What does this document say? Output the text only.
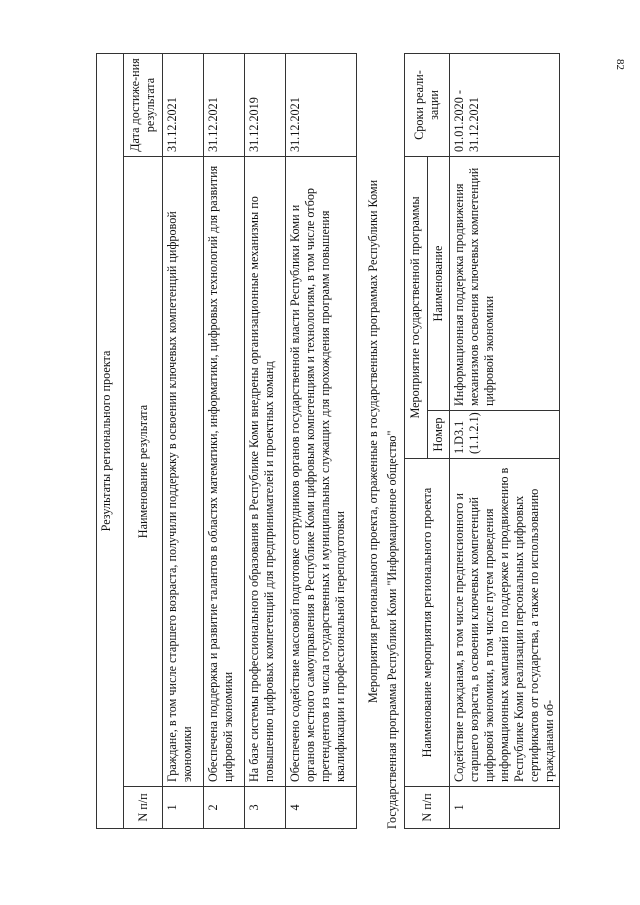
82
Результаты регионального проекта		
N п/п	Наименование результата	Дата достиже-ния результата
1	Граждане, в том числе старшего возраста, получили поддержку в освоении ключевых компетенций цифровой экономики	31.12.2021
2	Обеспечена поддержка и развитие талантов в областях математики, информатики, цифровых технологий для развития цифровой экономики	31.12.2021
3	На базе системы профессионального образования в Республике Коми внедрены организационные механизмы по повышению цифровых компетенций для предпринимателей и проектных команд	31.12.2019
4	Обеспечено содействие массовой подготовке сотрудников органов государственной власти Республики Коми и органов местного самоуправления в Республике Коми цифровым компетенциям и технологиям, в том числе отбор претендентов из числа государственных и муниципальных служащих для прохождения программ повышения квалификации и профессиональной переподготовки	31.12.2021
Мероприятия регионального проекта, отраженные в государственных программах Республики Коми Государственная программа Республики Коми "Информационное общество" N п/п	Наименование мероприятия регионального проекта	Мероприятие государственной программы		Сроки реали-зации
		Номер	Наименование	
1	Содействие гражданам, в том числе предпенсионного и старшего возраста, в освоении ключевых компетенций цифровой экономики, в том числе путем проведения информационных кампаний по поддержке и продвижению в Республике Коми реализации персональных цифровых сертификатов от государства, а также по использованию гражданами об-	1.D3.1 (1.1.2.1)	Информационная поддержка продвижения механизмов освоения ключевых компетенций цифровой экономики	01.01.2020 - 31.12.2021
